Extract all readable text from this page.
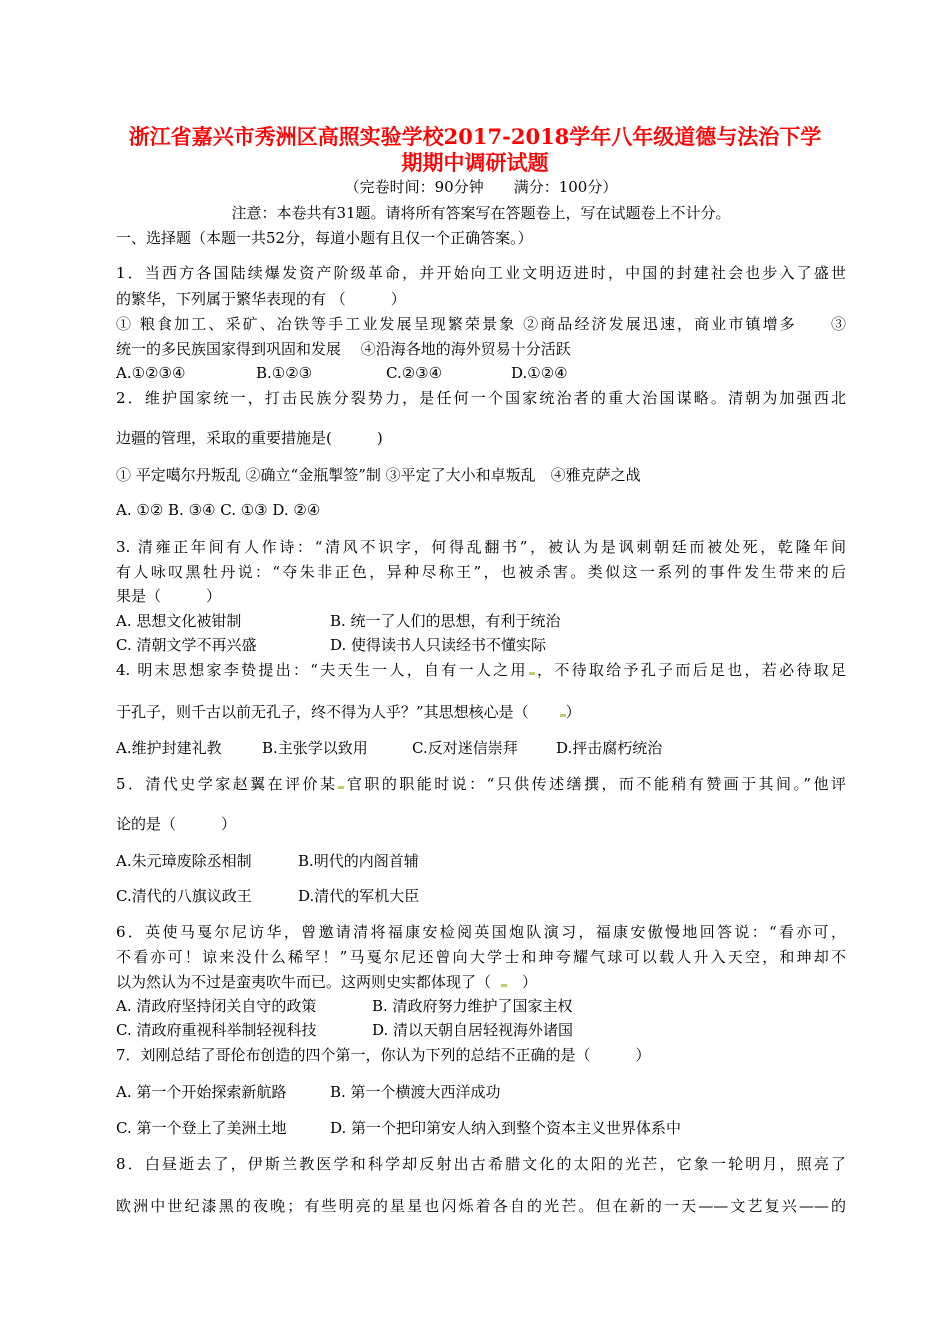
浙江省嘉兴市秀洲区高照实验学校2017-2018学年八年级道德与法治下学
期期中调研试题
（完卷时间：90分钟　　满分：100分）
注意：本卷共有31题。请将所有答案写在答题卷上，写在试题卷上不计分。
一、选择题（本题一共52分，每道小题有且仅一个正确答案。）
1．当西方各国陆续爆发资产阶级革命，并开始向工业文明迈进时，中国的封建社会也步入了盛世
的繁华，下列属于繁华表现的有 （　　　）
① 粮食加工、采矿、冶铁等手工业发展呈现繁荣景象 ②商品经济发展迅速，商业市镇增多　　③
统一的多民族国家得到巩固和发展　 ④沿海各地的海外贸易十分活跃
A.①②③④	B.①②③	C.②③④	D.①②④
2．维护国家统一，打击民族分裂势力，是任何一个国家统治者的重大治国谋略。清朝为加强西北
边疆的管理，采取的重要措施是(　　　)
① 平定噶尔丹叛乱 ②确立“金瓶掣签”制 ③平定了大小和卓叛乱　④雅克萨之战
A. ①② B. ③④ C. ①③ D. ②④
3. 清雍正年间有人作诗：“清风不识字，何得乱翻书”，被认为是讽刺朝廷而被处死，乾隆年间
有人咏叹黑牡丹说：“夺朱非正色，异种尽称王”，也被杀害。类似这一系列的事件发生带来的后
果是（　　　）
A. 思想文化被钳制	B. 统一了人们的思想，有利于统治
C. 清朝文学不再兴盛	D. 使得读书人只读经书不懂实际
4. 明末思想家李贽提出：“夫天生一人，自有一人之用 ，不待取给予孔子而后足也，若必待取足
于孔子，则千古以前无孔子，终不得为人乎？”其思想核心是（　　）
A.维护封建礼教	B.主张学以致用	C.反对迷信崇拜	D.抨击腐朽统治
5．清代史学家赵翼在评价某 官职的职能时说：“只供传述缮撰，而不能稍有赞画于其间。”他评
论的是（　　　）
A.朱元璋废除丞相制	B.明代的内阁首辅
C.清代的八旗议政王	D.清代的军机大臣
6．英使马戛尔尼访华，曾邀请清将福康安检阅英国炮队演习，福康安傲慢地回答说：“看亦可，
不看亦可！谅来没什么稀罕！”马戛尔尼还曾向大学士和珅夸耀气球可以载人升入天空，和珅却不
以为然认为不过是蛮夷吹牛而已。这两则史实都体现了（　）
A. 清政府坚持闭关自守的政策	B. 清政府努力维护了国家主权
C. 清政府重视科举制轻视科技	D. 清以天朝自居轻视海外诸国
7．刘刚总结了哥伦布创造的四个第一，你认为下列的总结不正确的是（　　　）
A. 第一个开始探索新航路	B. 第一个横渡大西洋成功
C. 第一个登上了美洲土地	D. 第一个把印第安人纳入到整个资本主义世界体系中
8．白昼逝去了，伊斯兰教医学和科学却反射出古希腊文化的太阳的光芒，它象一轮明月，照亮了
欧洲中世纪漆黑的夜晚；有些明亮的星星也闪烁着各自的光芒。但在新的一天——文艺复兴——的
